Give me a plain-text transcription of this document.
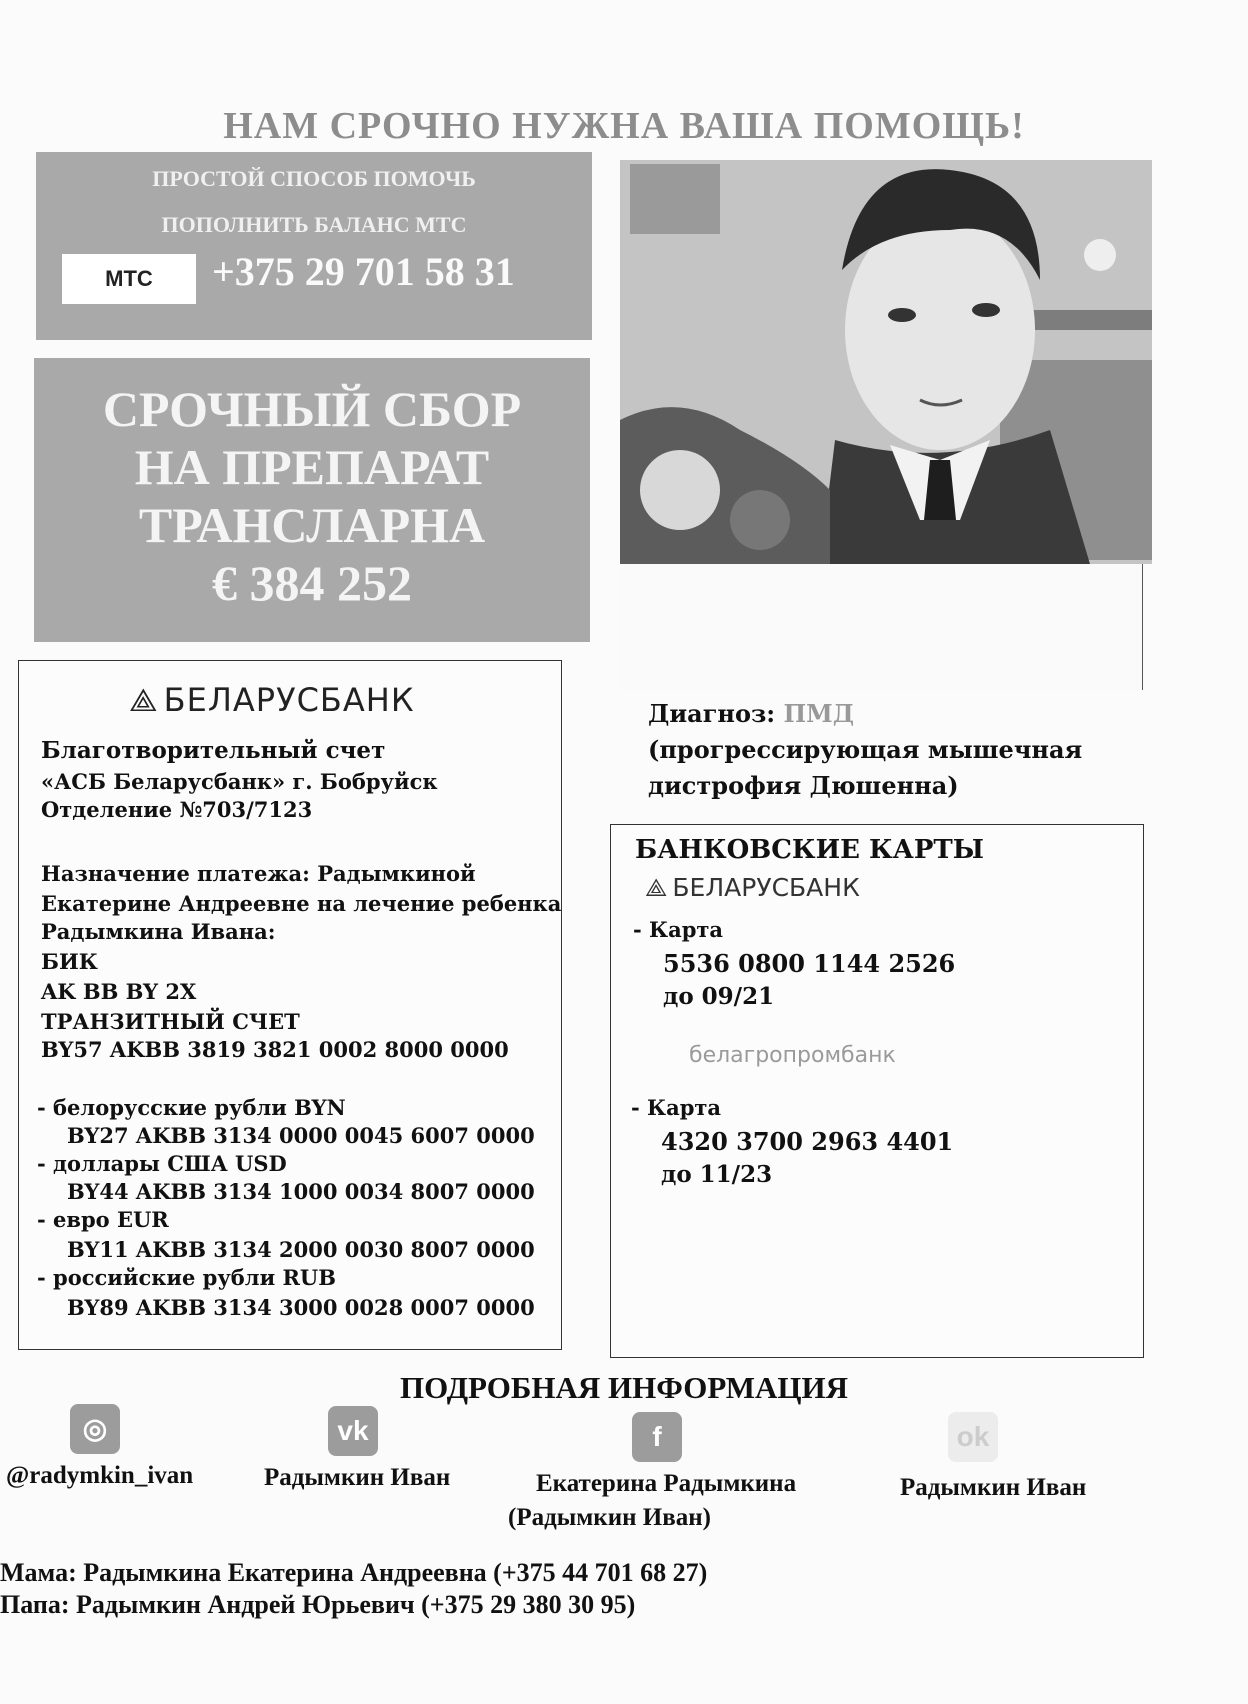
НАМ СРОЧНО НУЖНА ВАША ПОМОЩЬ!
ПРОСТОЙ СПОСОБ ПОМОЧЬ
ПОПОЛНИТЬ БАЛАНС МТС
МТС	+375 29 701 58 31
СРОЧНЫЙ СБОР
НА ПРЕПАРАТ
ТРАНСЛАРНА
€ 384 252
Диагноз: ПМД
(прогрессирующая мышечная
дистрофия Дюшенна)
⟁ БЕЛАРУСБАНК
Благотворительный счет
«АСБ Беларусбанк» г. Бобруйск
Отделение №703/7123
Назначение платежа: Радымкиной
Екатерине Андреевне на лечение ребенка
Радымкина Ивана:
БИК
AK BB BY 2X
ТРАНЗИТНЫЙ СЧЕТ
BY57 AKBB 3819 3821 0002 8000 0000
- белорусские рубли BYN
BY27 AKBB 3134 0000 0045 6007 0000
- доллары США USD
BY44 AKBB 3134 1000 0034 8007 0000
- евро EUR
BY11 AKBB 3134 2000 0030 8007 0000
- российские рубли RUB
BY89 AKBB 3134 3000 0028 0007 0000
БАНКОВСКИЕ КАРТЫ
⟁ БЕЛАРУСБАНК
- Карта
5536 0800 1144 2526
до 09/21
белагропромбанк
- Карта
4320 3700 2963 4401
до 11/23
ПОДРОБНАЯ ИНФОРМАЦИЯ
◎	vk	f	ok
@radymkin_ivan	Радымкин Иван	Екатерина Радымкина
(Радымкин Иван)
Радымкин Иван
Мама: Радымкина Екатерина Андреевна (+375 44 701 68 27)
Папа: Радымкин Андрей Юрьевич (+375 29 380 30 95)
